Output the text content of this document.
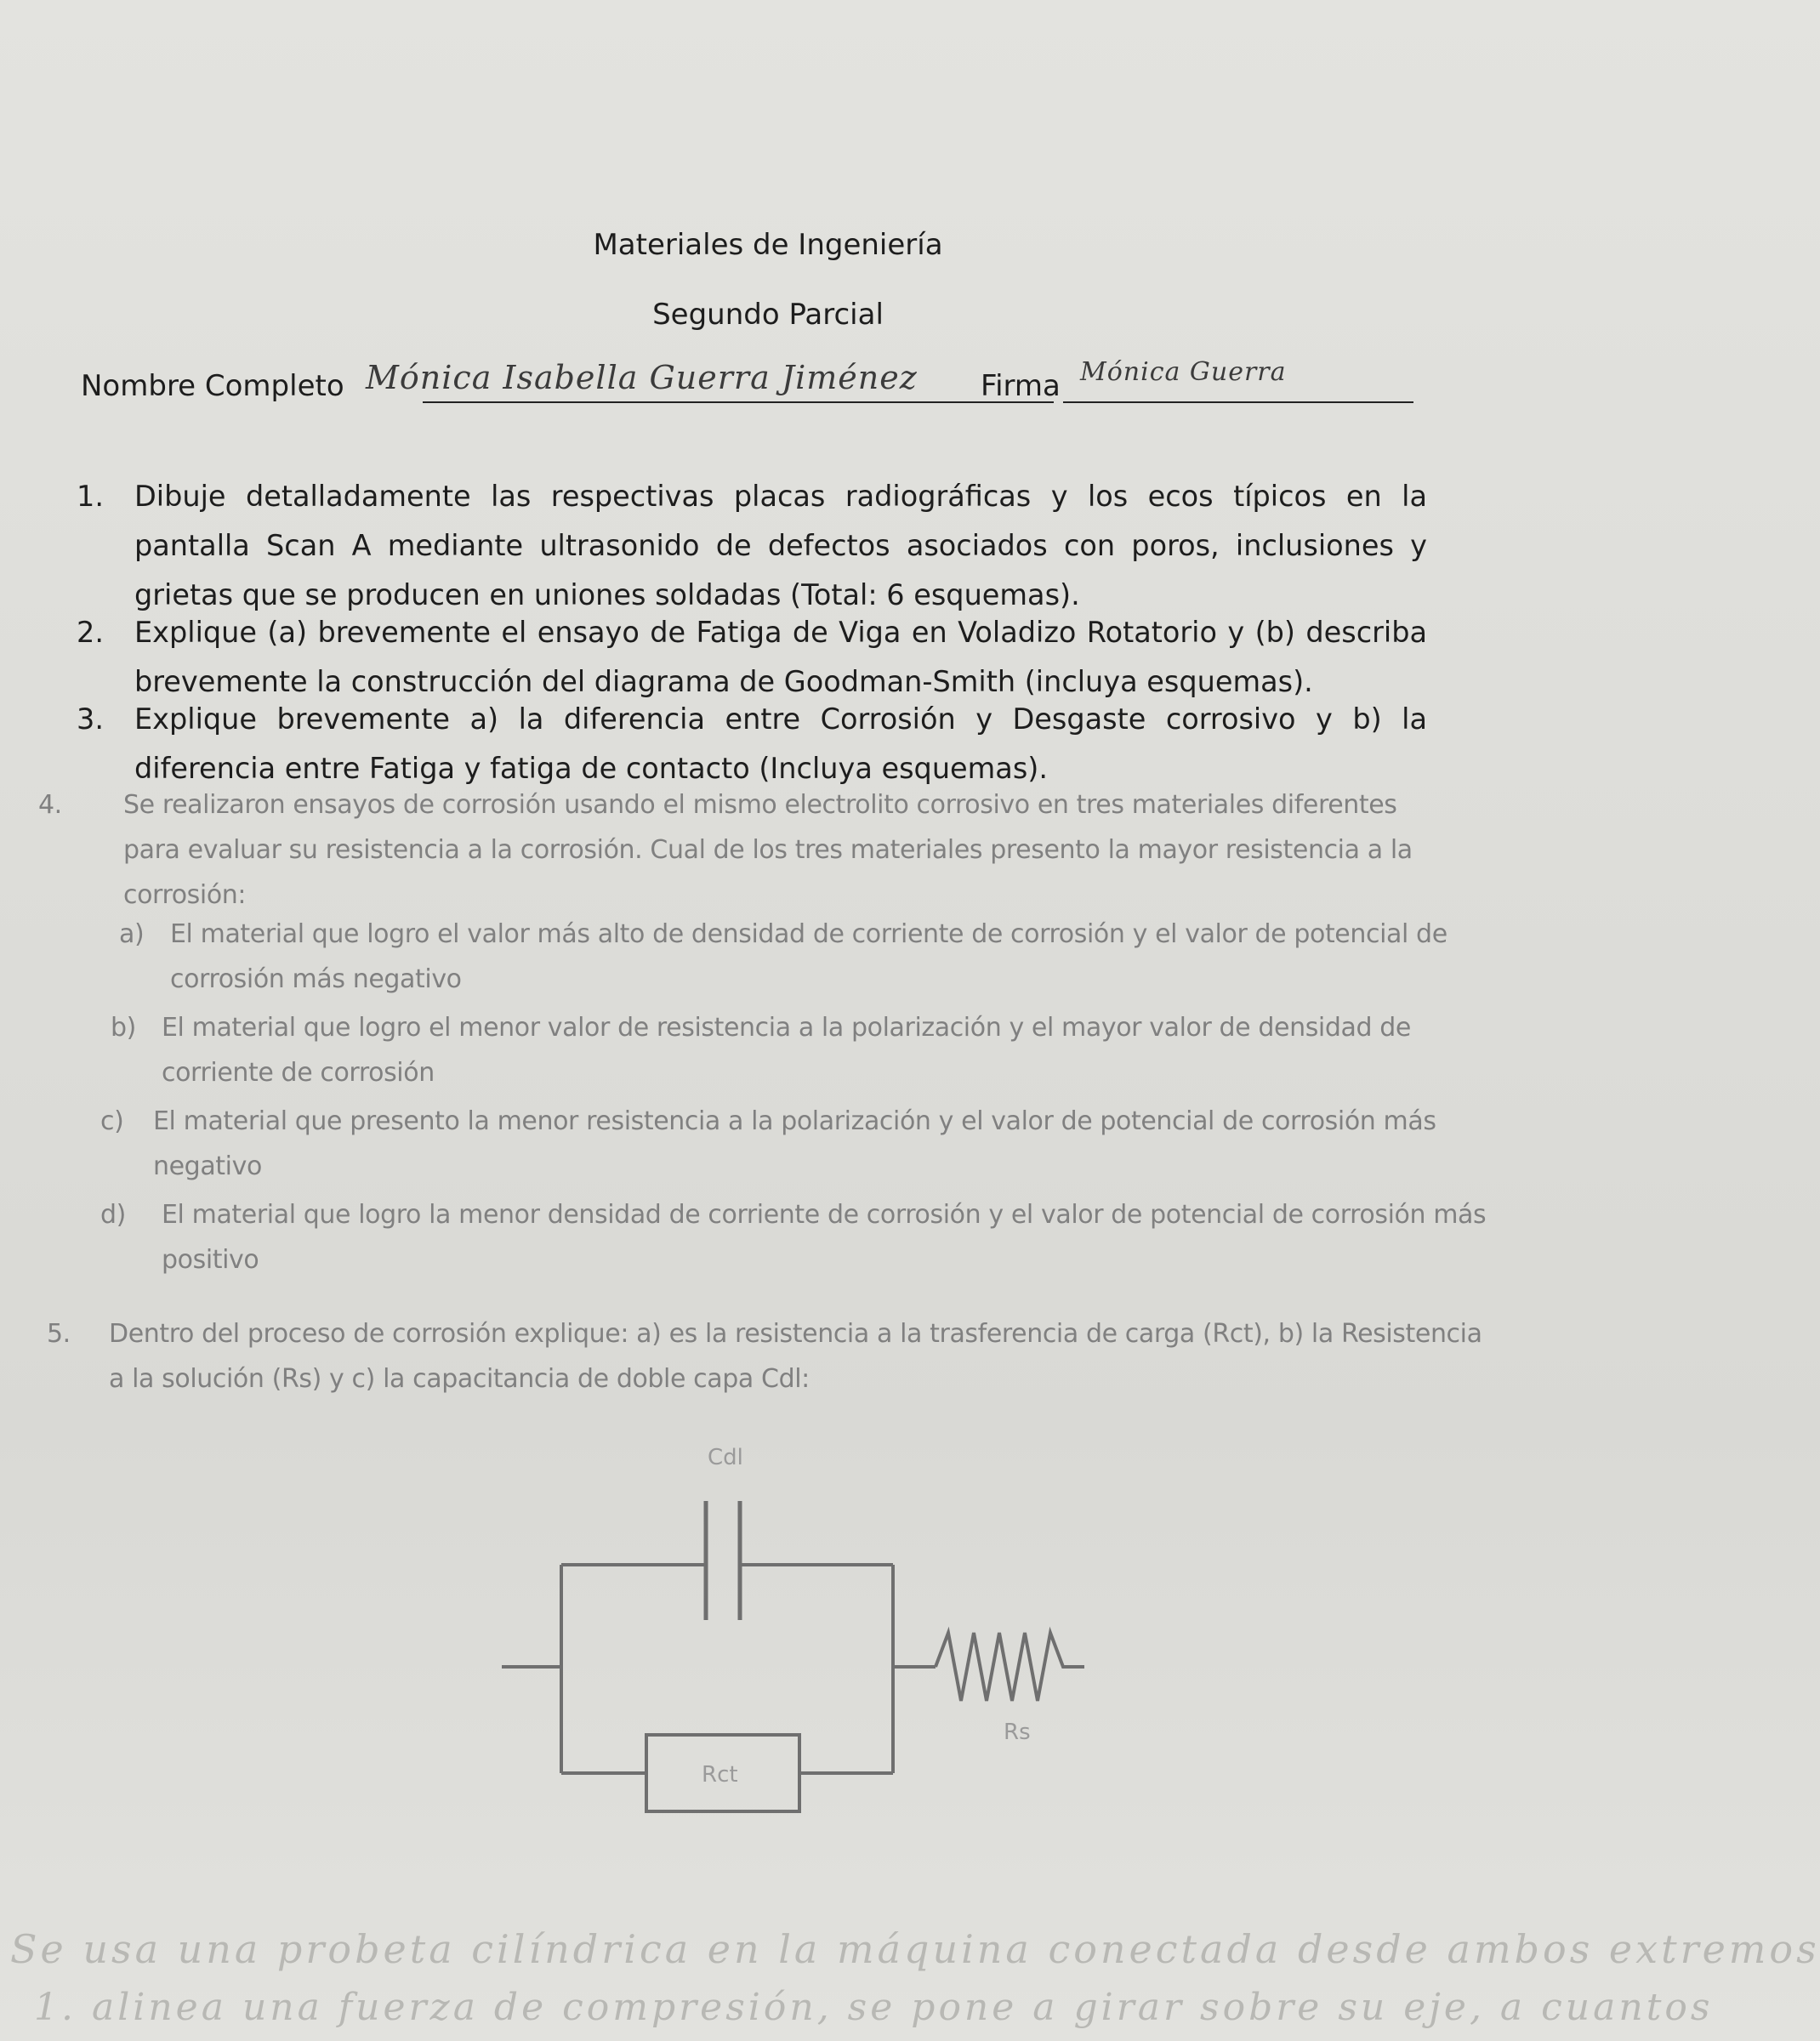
Materiales de Ingeniería
Segundo Parcial
Nombre Completo Mónica Isabella Guerra Jiménez Firma Mónica Guerra
1. Dibuje detalladamente las respectivas placas radiográficas y los ecos típicos en la pantalla Scan A mediante ultrasonido de defectos asociados con poros, inclusiones y grietas que se producen en uniones soldadas (Total: 6 esquemas).
2. Explique (a) brevemente el ensayo de Fatiga de Viga en Voladizo Rotatorio y (b) describa brevemente la construcción del diagrama de Goodman-Smith (incluya esquemas).
3. Explique brevemente a) la diferencia entre Corrosión y Desgaste corrosivo y b) la diferencia entre Fatiga y fatiga de contacto (Incluya esquemas).
4. Se realizaron ensayos de corrosión usando el mismo electrolito corrosivo en tres materiales diferentes para evaluar su resistencia a la corrosión. Cual de los tres materiales presento la mayor resistencia a la corrosión:
a) El material que logro el valor más alto de densidad de corriente de corrosión y el valor de potencial de corrosión más negativo
b) El material que logro el menor valor de resistencia a la polarización y el mayor valor de densidad de corriente de corrosión
c) El material que presento la menor resistencia a la polarización y el valor de potencial de corrosión más negativo
d) El material que logro la menor densidad de corriente de corrosión y el valor de potencial de corrosión más positivo
5. Dentro del proceso de corrosión explique: a) es la resistencia a la trasferencia de carga (Rct), b) la Resistencia a la solución (Rs) y c) la capacitancia de doble capa Cdl:
Cdl
Rct
Rs
Se usa una probeta cilíndrica en la máquina conectada desde ambos extremos
1. alinea una fuerza de compresión, se pone a girar sobre su eje, a cuantos
